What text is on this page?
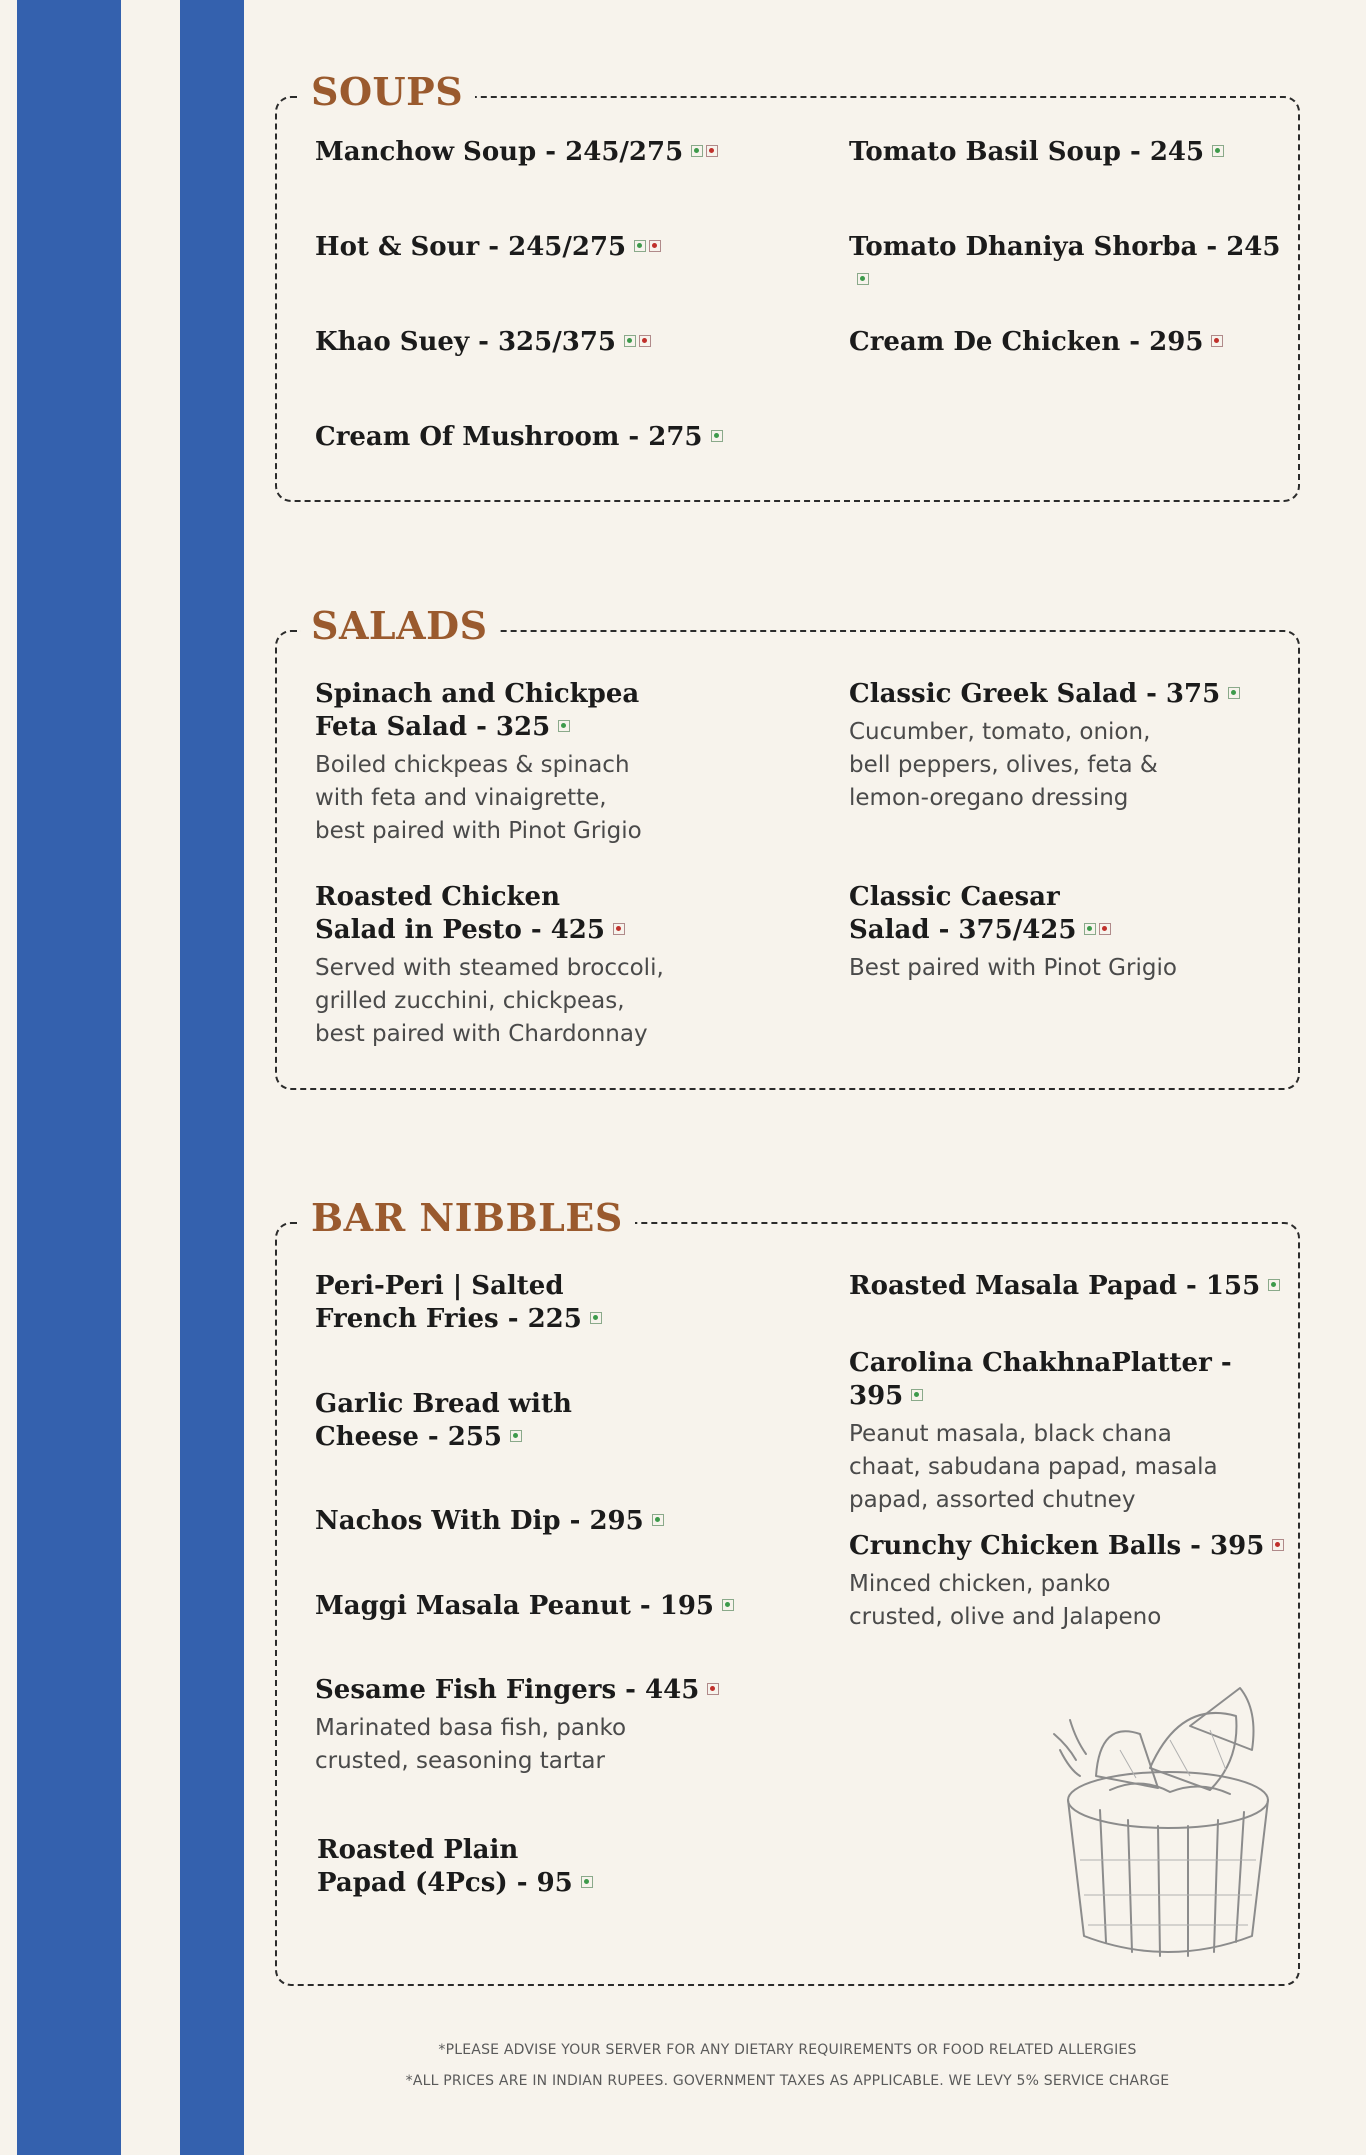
SOUPS
Manchow Soup - 245/275	Tomato Basil Soup - 245
Hot & Sour - 245/275	Tomato Dhaniya Shorba - 245
Khao Suey - 325/375	Cream De Chicken - 295
Cream Of Mushroom - 275
SALADS
Spinach and Chickpea
Feta Salad - 325
Boiled chickpeas & spinach
with feta and vinaigrette,
best paired with Pinot Grigio
Classic Greek Salad - 375
Cucumber, tomato, onion,
bell peppers, olives, feta &
lemon-oregano dressing
Roasted Chicken
Salad in Pesto - 425
Served with steamed broccoli,
grilled zucchini, chickpeas,
best paired with Chardonnay
Classic Caesar
Salad - 375/425
Best paired with Pinot Grigio
BAR NIBBLES
Peri-Peri | Salted
French Fries - 225
Roasted Masala Papad - 155
Carolina ChakhnaPlatter - 395
Peanut masala, black chana
chaat, sabudana papad, masala
papad, assorted chutney
Garlic Bread with
Cheese - 255
Nachos With Dip - 295
Crunchy Chicken Balls - 395
Minced chicken, panko
crusted, olive and Jalapeno
Maggi Masala Peanut - 195
Sesame Fish Fingers - 445
Marinated basa fish, panko
crusted, seasoning tartar
Roasted Plain
Papad (4Pcs) - 95
*PLEASE ADVISE YOUR SERVER FOR ANY DIETARY REQUIREMENTS OR FOOD RELATED ALLERGIES
*ALL PRICES ARE IN INDIAN RUPEES. GOVERNMENT TAXES AS APPLICABLE. WE LEVY 5% SERVICE CHARGE
